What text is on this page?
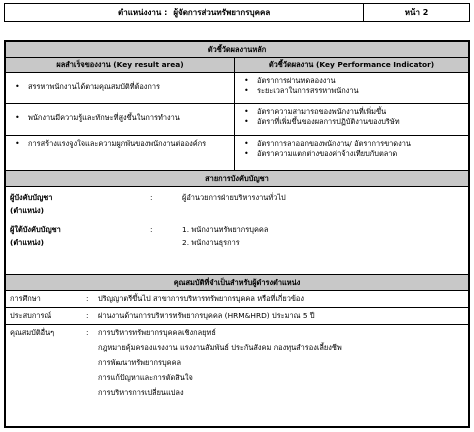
ตำแหน่งงาน : ผู้จัดการส่วนทรัพยากรบุคคล	หน้า 2
ตัวชี้วัดผลงานหลัก
ผลสำเร็จของงาน (Key result area)	ตัวชี้วัดผลงาน (Key Performance Indicator)
• สรรหาพนักงานได้ตามคุณสมบัติที่ต้องการ
• อัตราการผ่านทดลองงาน
• ระยะเวลาในการสรรหาพนักงาน
• พนักงานมีความรู้และทักษะที่สูงขึ้นในการทำงาน
• อัตราความสามารถของพนักงานที่เพิ่มขึ้น
• อัตราที่เพิ่มขึ้นของผลการปฏิบัติงานของบริษัท
• การสร้างแรงจูงใจและความผูกพันของพนักงานต่อองค์กร
•	อัตราการลาออกของพนักงาน/ อัตราการขาดงาน
• อัตราความแตกต่างของค่าจ้างเทียบกับตลาด
สายการบังคับบัญชา
ผู้บังคับบัญชา	:	ผู้อำนวยการฝ่ายบริหารงานทั่วไป
(ตำแหน่ง)
ผู้ใต้บังคับบัญชา	:	1. พนักงานทรัพยากรบุคคล
(ตำแหน่ง)	2. พนักงานธุรการ
คุณสมบัติที่จำเป็นสำหรับผู้ดำรงตำแหน่ง
การศึกษา	:	ปริญญาตรีขึ้นไป สาขาการบริหารทรัพยากรบุคคล หรือที่เกี่ยวข้อง
ประสบการณ์	:	ผ่านงานด้านการบริหารทรัพยากรบุคคล (HRM&HRD) ประมาณ 5 ปี
คุณสมบัติอื่นๆ	:	การบริหารทรัพยากรบุคคลเชิงกลยุทธ์
กฎหมายคุ้มครองแรงงาน แรงงานสัมพันธ์ ประกันสังคม กองทุนสำรองเลี้ยงชีพ
การพัฒนาทรัพยากรบุคคล
การแก้ปัญหาและการตัดสินใจ
การบริหารการเปลี่ยนแปลง
